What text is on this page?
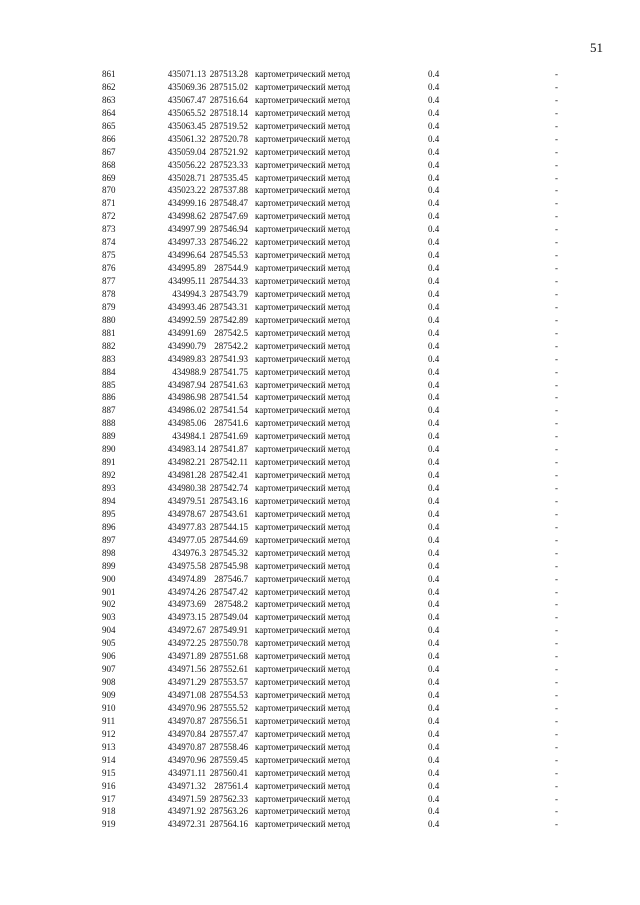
51
861	435071.13 287513.28 картометрический метод	0.4	-
862	435069.36 287515.02 картометрический метод	0.4	-
863	435067.47 287516.64 картометрический метод	0.4	-
864	435065.52 287518.14 картометрический метод	0.4	-
865	435063.45 287519.52 картометрический метод	0.4	-
866	435061.32 287520.78 картометрический метод	0.4	-
867	435059.04 287521.92 картометрический метод	0.4	-
868	435056.22 287523.33 картометрический метод	0.4	-
869	435028.71 287535.45 картометрический метод	0.4	-
870	435023.22 287537.88 картометрический метод	0.4	-
871	434999.16 287548.47 картометрический метод	0.4	-
872	434998.62 287547.69 картометрический метод	0.4	-
873	434997.99 287546.94 картометрический метод	0.4	-
874	434997.33 287546.22 картометрический метод	0.4	-
875	434996.64 287545.53 картометрический метод	0.4	-
876	434995.89 287544.9 картометрический метод	0.4	-
877	434995.11 287544.33 картометрический метод	0.4	-
878	434994.3 287543.79 картометрический метод	0.4	-
879	434993.46 287543.31 картометрический метод	0.4	-
880	434992.59 287542.89 картометрический метод	0.4	-
881	434991.69 287542.5 картометрический метод	0.4	-
882	434990.79 287542.2 картометрический метод	0.4	-
883	434989.83 287541.93 картометрический метод	0.4	-
884	434988.9 287541.75 картометрический метод	0.4	-
885	434987.94 287541.63 картометрический метод	0.4	-
886	434986.98 287541.54 картометрический метод	0.4	-
887	434986.02 287541.54 картометрический метод	0.4	-
888	434985.06 287541.6 картометрический метод	0.4	-
889	434984.1 287541.69 картометрический метод	0.4	-
890	434983.14 287541.87 картометрический метод	0.4	-
891	434982.21 287542.11 картометрический метод	0.4	-
892	434981.28 287542.41 картометрический метод	0.4	-
893	434980.38 287542.74 картометрический метод	0.4	-
894	434979.51 287543.16 картометрический метод	0.4	-
895	434978.67 287543.61 картометрический метод	0.4	-
896	434977.83 287544.15 картометрический метод	0.4	-
897	434977.05 287544.69 картометрический метод	0.4	-
898	434976.3 287545.32 картометрический метод	0.4	-
899	434975.58 287545.98 картометрический метод	0.4	-
900	434974.89 287546.7 картометрический метод	0.4	-
901	434974.26 287547.42 картометрический метод	0.4	-
902	434973.69 287548.2 картометрический метод	0.4	-
903	434973.15 287549.04 картометрический метод	0.4	-
904	434972.67 287549.91 картометрический метод	0.4	-
905	434972.25 287550.78 картометрический метод	0.4	-
906	434971.89 287551.68 картометрический метод	0.4	-
907	434971.56 287552.61 картометрический метод	0.4	-
908	434971.29 287553.57 картометрический метод	0.4	-
909	434971.08 287554.53 картометрический метод	0.4	-
910	434970.96 287555.52 картометрический метод	0.4	-
911	434970.87 287556.51 картометрический метод	0.4	-
912	434970.84 287557.47 картометрический метод	0.4	-
913	434970.87 287558.46 картометрический метод	0.4	-
914	434970.96 287559.45 картометрический метод	0.4	-
915	434971.11 287560.41 картометрический метод	0.4	-
916	434971.32 287561.4 картометрический метод	0.4	-
917	434971.59 287562.33 картометрический метод	0.4	-
918	434971.92 287563.26 картометрический метод	0.4	-
919	434972.31 287564.16 картометрический метод	0.4	-
